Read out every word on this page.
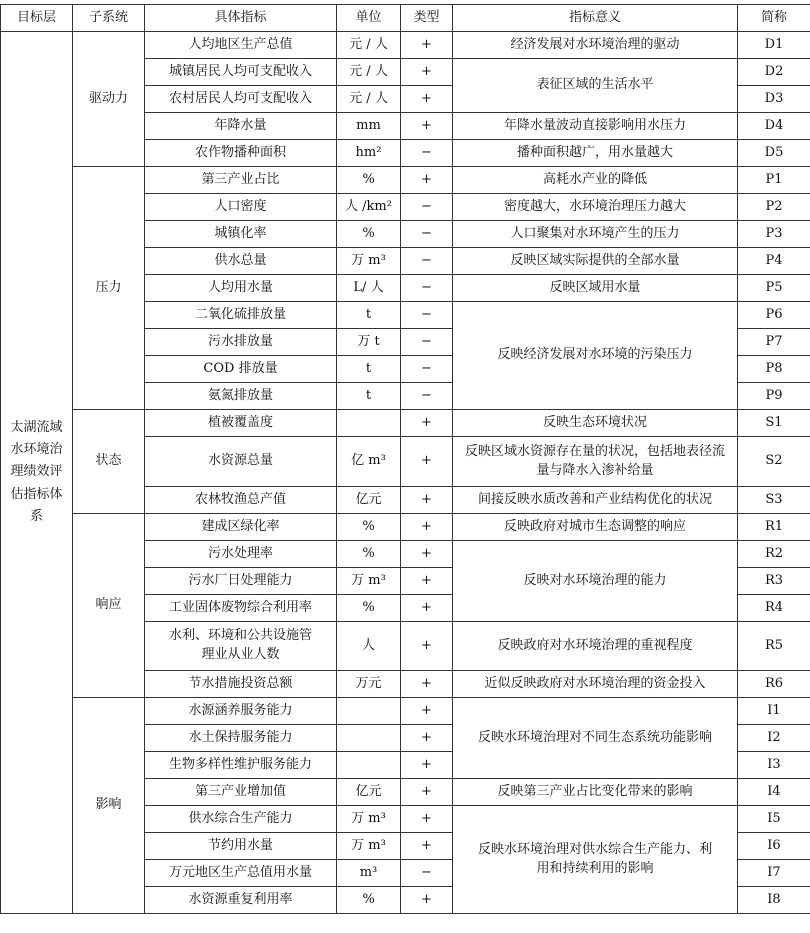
目标层	子系统	具体指标	单位	类型	指标意义	简称
太湖流域水环境治理绩效评估指标体系	驱动力	人均地区生产总值	元 / 人	+	经济发展对水环境治理的驱动	D1
		城镇居民人均可支配收入	元 / 人	+	表征区域的生活水平	D2
		农村居民人均可支配收入	元 / 人	+		D3
		年降水量	mm	+	年降水量波动直接影响用水压力	D4
		农作物播种面积	hm²	−	播种面积越广，用水量越大	D5
	压力	第三产业占比	%	+	高耗水产业的降低	P1
		人口密度	人 /km²	−	密度越大，水环境治理压力越大	P2
		城镇化率	%	−	人口聚集对水环境产生的压力	P3
		供水总量	万 m³	−	反映区域实际提供的全部水量	P4
		人均用水量	L/ 人	−	反映区域用水量	P5
		二氧化硫排放量	t	−	反映经济发展对水环境的污染压力	P6
		污水排放量	万 t	−		P7
		COD 排放量	t	−		P8
		氨氮排放量	t	−		P9
	状态	植被覆盖度		+	反映生态环境状况	S1
		水资源总量	亿 m³	+	反映区域水资源存在量的状况，包括地表径流量与降水入渗补给量	S2
		农林牧渔总产值	亿元	+	间接反映水质改善和产业结构优化的状况	S3
	响应	建成区绿化率	%	+	反映政府对城市生态调整的响应	R1
		污水处理率	%	+	反映对水环境治理的能力	R2
		污水厂日处理能力	万 m³	+		R3
		工业固体废物综合利用率	%	+		R4
		水利、环境和公共设施管理业从业人数	人	+	反映政府对水环境治理的重视程度	R5
		节水措施投资总额	万元	+	近似反映政府对水环境治理的资金投入	R6
	影响	水源涵养服务能力		+	反映水环境治理对不同生态系统功能影响	I1
		水土保持服务能力		+		I2
		生物多样性维护服务能力		+		I3
		第三产业增加值	亿元	+	反映第三产业占比变化带来的影响	I4
		供水综合生产能力	万 m³	+	反映水环境治理对供水综合生产能力、利用和持续利用的影响	I5
		节约用水量	万 m³	+		I6
		万元地区生产总值用水量	m³	−		I7
		水资源重复利用率	%	+		I8
